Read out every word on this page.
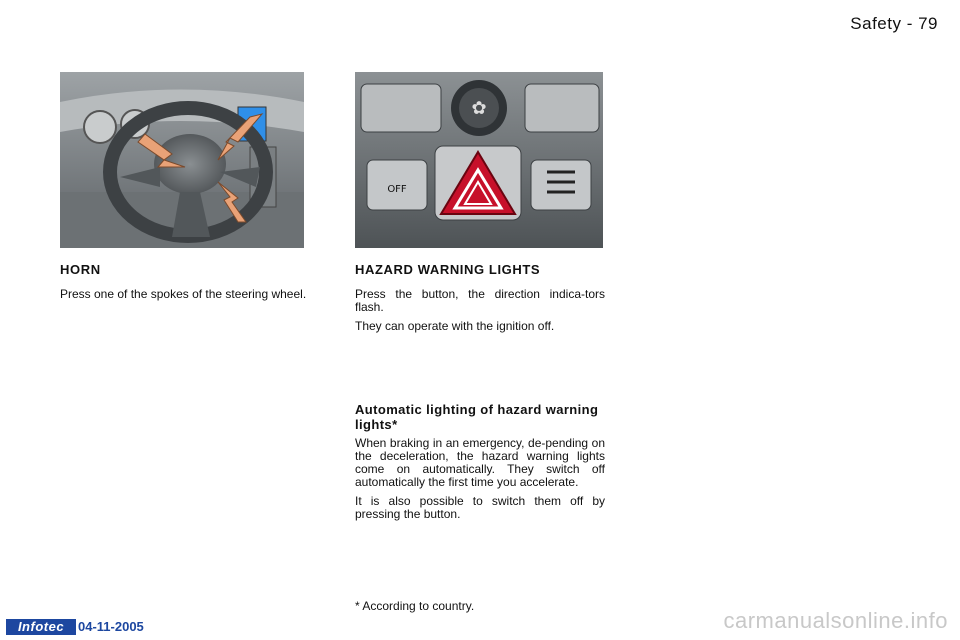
Safety - 79
✿
OFF
HORN

Press one of the spokes of the steering wheel.

HAZARD WARNING LIGHTS

Press the button, the direction indica-tors flash.

They can operate with the ignition off.

Automatic lighting of hazard warning lights*

When braking in an emergency, de-pending on the deceleration, the hazard warning lights come on automatically. They switch off automatically the first time you accelerate.

It is also possible to switch them off by pressing the button.

* According to country.
Infotec	04-11-2005	carmanualsonline.info
